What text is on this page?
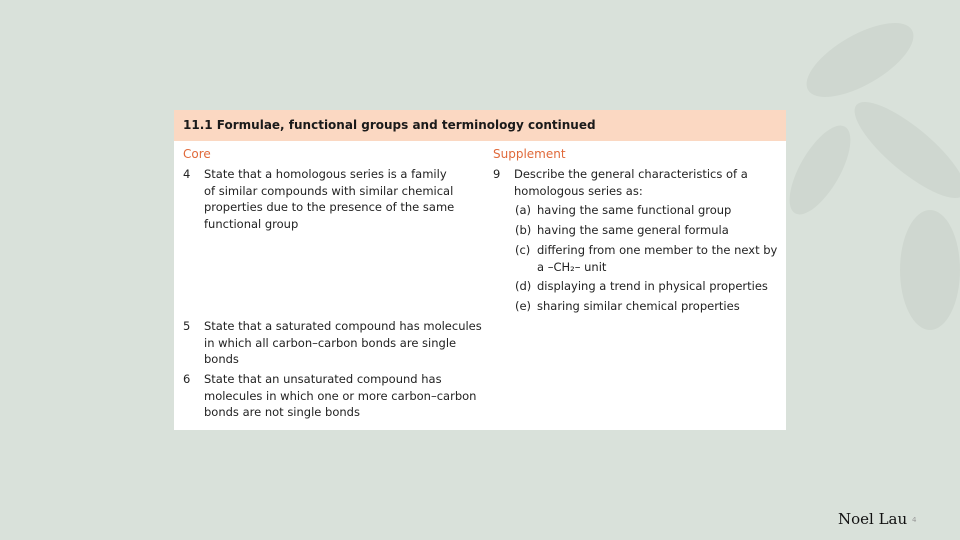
11.1 Formulae, functional groups and terminology continued
Core	Supplement
4 State that a homologous series is a family
of similar compounds with similar chemical
properties due to the presence of the same
functional group
5 State that a saturated compound has molecules
in which all carbon–carbon bonds are single
bonds
6 State that an unsaturated compound has
molecules in which one or more carbon–carbon
bonds are not single bonds
9 Describe the general characteristics of a
homologous series as:
(a) having the same functional group
(b) having the same general formula
(c) differing from one member to the next by
a –CH₂– unit
(d) displaying a trend in physical properties
(e) sharing similar chemical properties
Noel Lau 4
